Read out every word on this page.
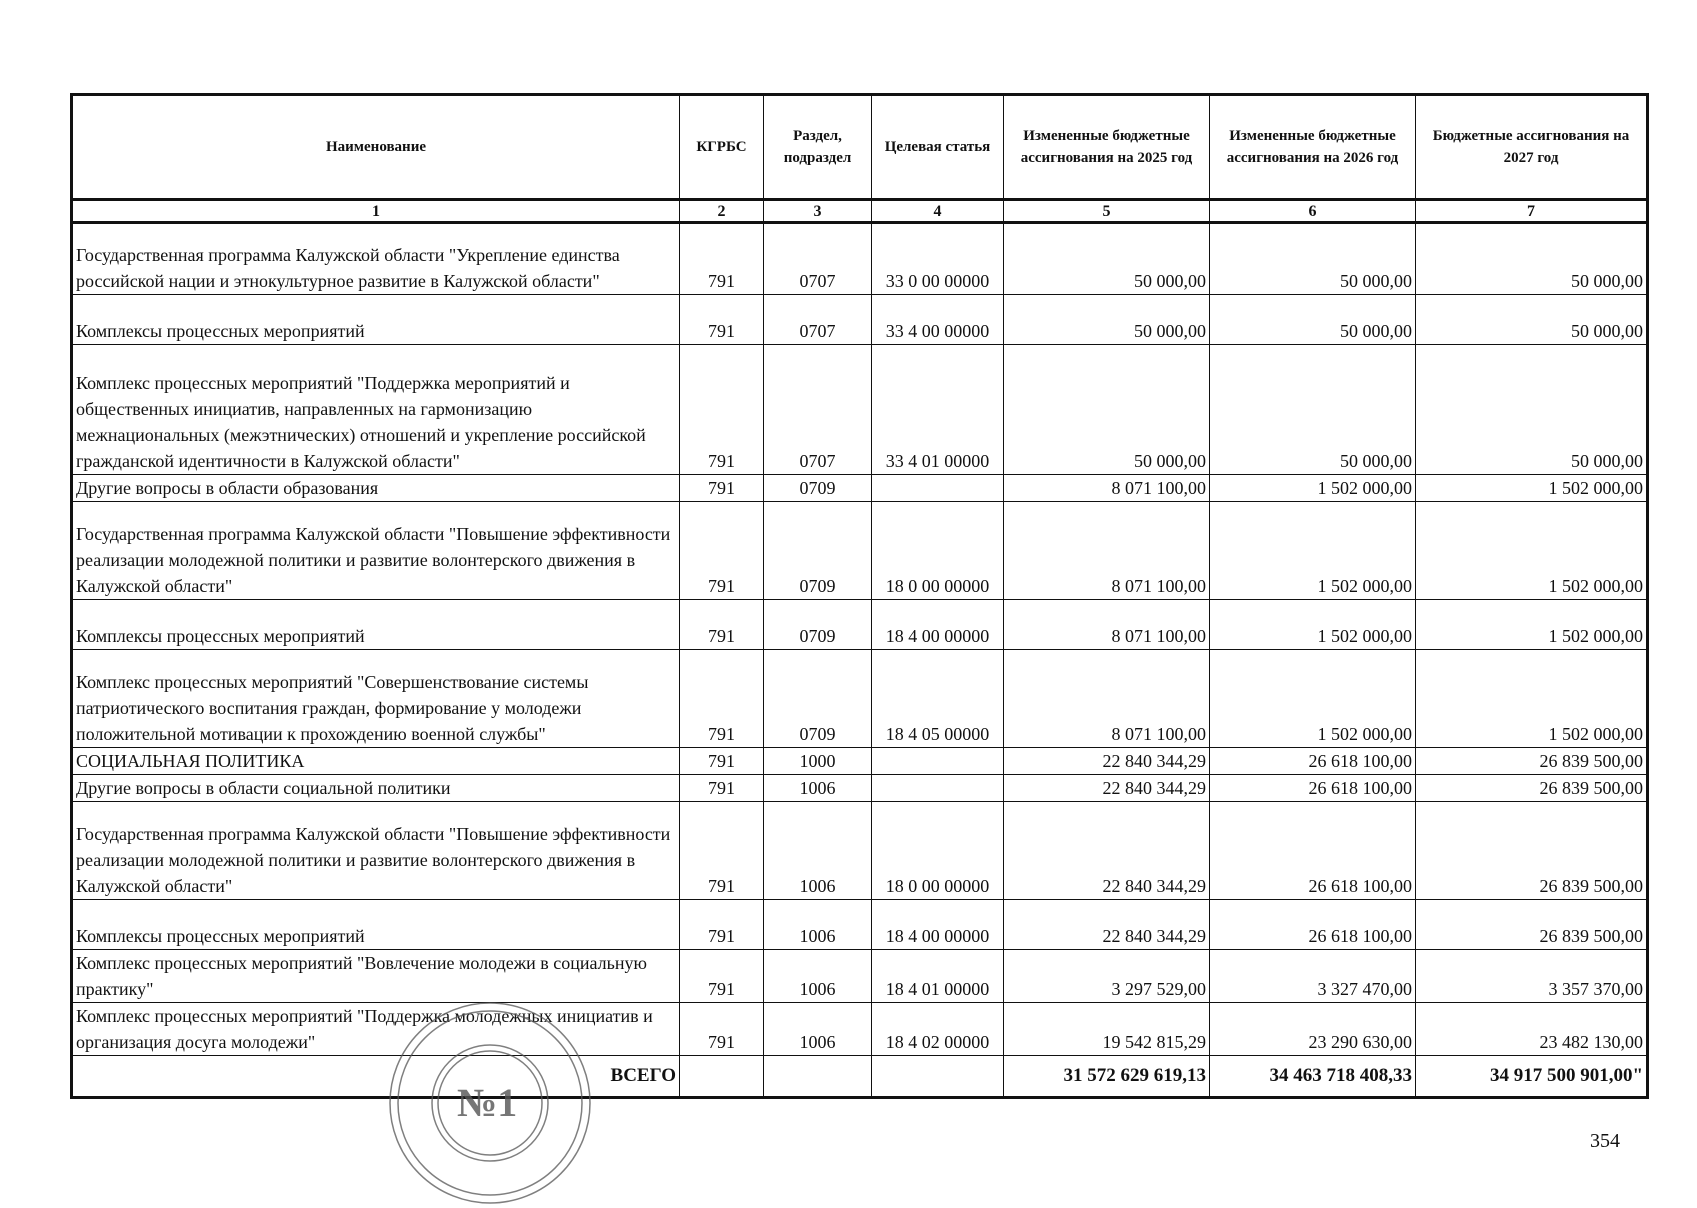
Наименование	КГРБС	Раздел, подраздел	Целевая статья	Измененные бюджетные ассигнования на 2025 год	Измененные бюджетные ассигнования на 2026 год	Бюджетные ассигнования на 2027 год
1	2	3	4	5	6	7
Государственная программа Калужской области "Укрепление единства российской нации и этнокультурное развитие в Калужской области"	791	0707	33 0 00 00000	50 000,00	50 000,00	50 000,00
Комплексы процессных мероприятий	791	0707	33 4 00 00000	50 000,00	50 000,00	50 000,00
Комплекс процессных мероприятий "Поддержка мероприятий и общественных инициатив, направленных на гармонизацию межнациональных (межэтнических) отношений и укрепление российской гражданской идентичности в Калужской области"	791	0707	33 4 01 00000	50 000,00	50 000,00	50 000,00
Другие вопросы в области образования	791	0709		8 071 100,00	1 502 000,00	1 502 000,00
Государственная программа Калужской области "Повышение эффективности реализации молодежной политики и развитие волонтерского движения в Калужской области"	791	0709	18 0 00 00000	8 071 100,00	1 502 000,00	1 502 000,00
Комплексы процессных мероприятий	791	0709	18 4 00 00000	8 071 100,00	1 502 000,00	1 502 000,00
Комплекс процессных мероприятий "Совершенствование системы патриотического воспитания граждан, формирование у молодежи положительной мотивации к прохождению военной службы"	791	0709	18 4 05 00000	8 071 100,00	1 502 000,00	1 502 000,00
СОЦИАЛЬНАЯ ПОЛИТИКА	791	1000		22 840 344,29	26 618 100,00	26 839 500,00
Другие вопросы в области социальной политики	791	1006		22 840 344,29	26 618 100,00	26 839 500,00
Государственная программа Калужской области "Повышение эффективности реализации молодежной политики и развитие волонтерского движения в Калужской области"	791	1006	18 0 00 00000	22 840 344,29	26 618 100,00	26 839 500,00
Комплексы процессных мероприятий	791	1006	18 4 00 00000	22 840 344,29	26 618 100,00	26 839 500,00
Комплекс процессных мероприятий "Вовлечение молодежи в социальную практику"	791	1006	18 4 01 00000	3 297 529,00	3 327 470,00	3 357 370,00
Комплекс процессных мероприятий "Поддержка молодежных инициатив и организация досуга молодежи"	791	1006	18 4 02 00000	19 542 815,29	23 290 630,00	23 482 130,00
ВСЕГО				31 572 629 619,13	34 463 718 408,33	34 917 500 901,00"
№1
354
